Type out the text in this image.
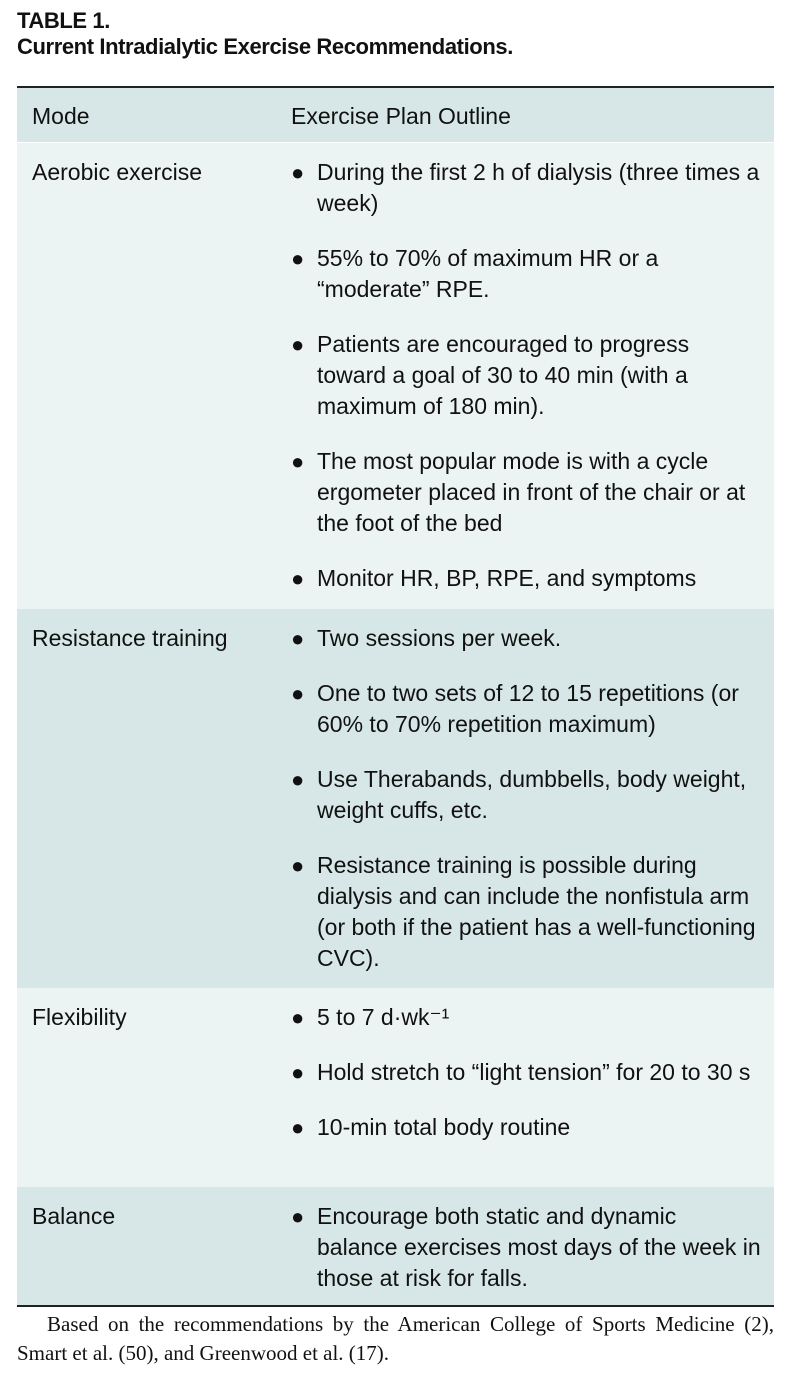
TABLE 1.
Current Intradialytic Exercise Recommendations.
Mode	Exercise Plan Outline
Aerobic exercise	● During the first 2 h of dialysis (three times a week)
● 55% to 70% of maximum HR or a “moderate” RPE.
● Patients are encouraged to progress toward a goal of 30 to 40 min (with a maximum of 180 min).
● The most popular mode is with a cycle ergometer placed in front of the chair or at the foot of the bed
● Monitor HR, BP, RPE, and symptoms
Resistance training	● Two sessions per week.
● One to two sets of 12 to 15 repetitions (or 60% to 70% repetition maximum)
● Use Therabands, dumbbells, body weight, weight cuffs, etc.
● Resistance training is possible during dialysis and can include the nonfistula arm (or both if the patient has a well-functioning CVC).
Flexibility	● 5 to 7 d·wk⁻¹
● Hold stretch to “light tension” for 20 to 30 s
● 10-min total body routine
Balance	● Encourage both static and dynamic balance exercises most days of the week in those at risk for falls.
Based on the recommendations by the American College of Sports Medicine (2), Smart et al. (50), and Greenwood et al. (17).
